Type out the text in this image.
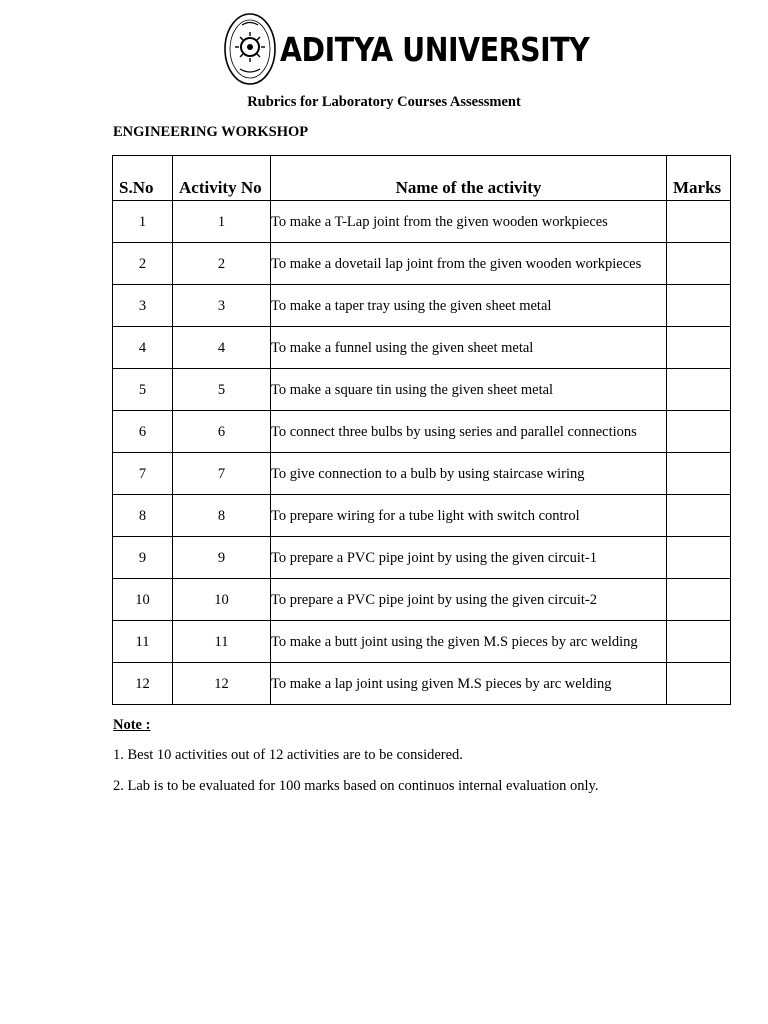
ADITYA UNIVERSITY
Rubrics for Laboratory Courses Assessment
ENGINEERING WORKSHOP
S.No	Activity No	Name of the activity	Marks
1	1	To make a T-Lap joint from the given wooden workpieces	
2	2	To make a dovetail lap joint from the given wooden workpieces	
3	3	To make a taper tray using the given sheet metal	
4	4	To make a funnel using the given sheet metal	
5	5	To make a square tin using the given sheet metal	
6	6	To connect three bulbs by using series and parallel connections	
7	7	To give connection to a bulb by using staircase wiring	
8	8	To prepare wiring for a tube light with switch control	
9	9	To prepare a PVC pipe joint by using the given circuit-1	
10	10	To prepare a PVC pipe joint by using the given circuit-2	
11	11	To make a butt joint using the given M.S pieces by arc welding	
12	12	To make a lap joint using given M.S pieces by arc welding	

Note :

1. Best 10 activities out of 12 activities are to be considered.

2. Lab is to be evaluated for 100 marks based on continuos internal evaluation only.
